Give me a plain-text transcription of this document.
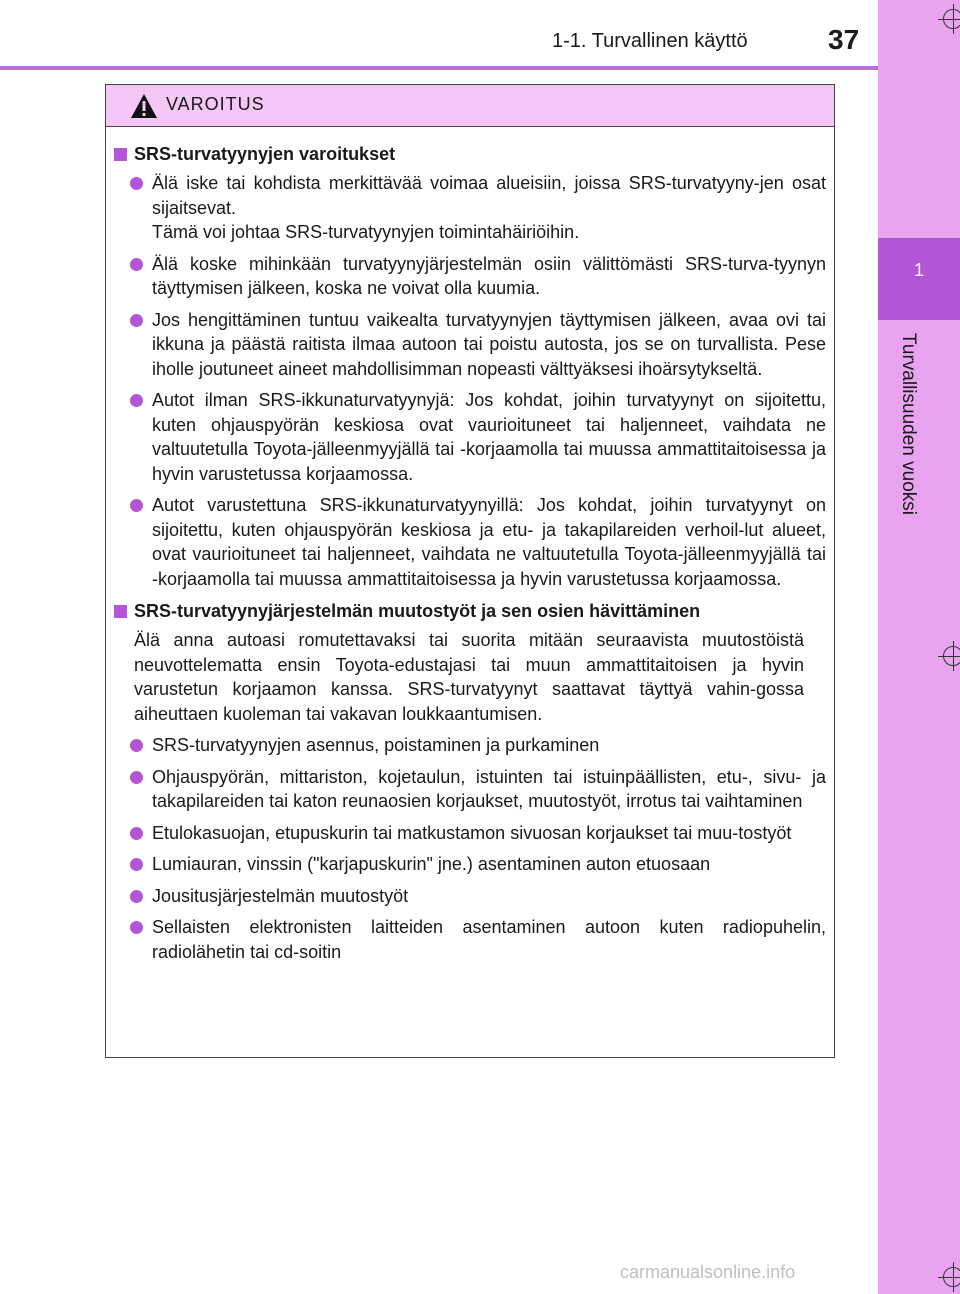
1-1. Turvallinen käyttö	37
1
Turvallisuuden vuoksi
VAROITUS
SRS-turvatyynyjen varoitukset
Älä iske tai kohdista merkittävää voimaa alueisiin, joissa SRS-turvatyyny-jen osat sijaitsevat.
Tämä voi johtaa SRS-turvatyynyjen toimintahäiriöihin.
Älä koske mihinkään turvatyynyjärjestelmän osiin välittömästi SRS-turva-tyynyn täyttymisen jälkeen, koska ne voivat olla kuumia.
Jos hengittäminen tuntuu vaikealta turvatyynyjen täyttymisen jälkeen, avaa ovi tai ikkuna ja päästä raitista ilmaa autoon tai poistu autosta, jos se on turvallista. Pese iholle joutuneet aineet mahdollisimman nopeasti välttyäksesi ihoärsytykseltä.
Autot ilman SRS-ikkunaturvatyynyjä: Jos kohdat, joihin turvatyynyt on sijoitettu, kuten ohjauspyörän keskiosa ovat vaurioituneet tai haljenneet, vaihdata ne valtuutetulla Toyota-jälleenmyyjällä tai -korjaamolla tai muussa ammattitaitoisessa ja hyvin varustetussa korjaamossa.
Autot varustettuna SRS-ikkunaturvatyynyillä: Jos kohdat, joihin turvatyynyt on sijoitettu, kuten ohjauspyörän keskiosa ja etu- ja takapilareiden verhoil-lut alueet, ovat vaurioituneet tai haljenneet, vaihdata ne valtuutetulla Toyota-jälleenmyyjällä tai -korjaamolla tai muussa ammattitaitoisessa ja hyvin varustetussa korjaamossa.
SRS-turvatyynyjärjestelmän muutostyöt ja sen osien hävittäminen
Älä anna autoasi romutettavaksi tai suorita mitään seuraavista muutostöistä neuvottelematta ensin Toyota-edustajasi tai muun ammattitaitoisen ja hyvin varustetun korjaamon kanssa. SRS-turvatyynyt saattavat täyttyä vahin-gossa aiheuttaen kuoleman tai vakavan loukkaantumisen.
SRS-turvatyynyjen asennus, poistaminen ja purkaminen
Ohjauspyörän, mittariston, kojetaulun, istuinten tai istuinpäällisten, etu-, sivu- ja takapilareiden tai katon reunaosien korjaukset, muutostyöt, irrotus tai vaihtaminen
Etulokasuojan, etupuskurin tai matkustamon sivuosan korjaukset tai muu-tostyöt
Lumiauran, vinssin ("karjapuskurin" jne.) asentaminen auton etuosaan
Jousitusjärjestelmän muutostyöt
Sellaisten elektronisten laitteiden asentaminen autoon kuten radiopuhelin, radiolähetin tai cd-soitin
carmanualsonline.info
